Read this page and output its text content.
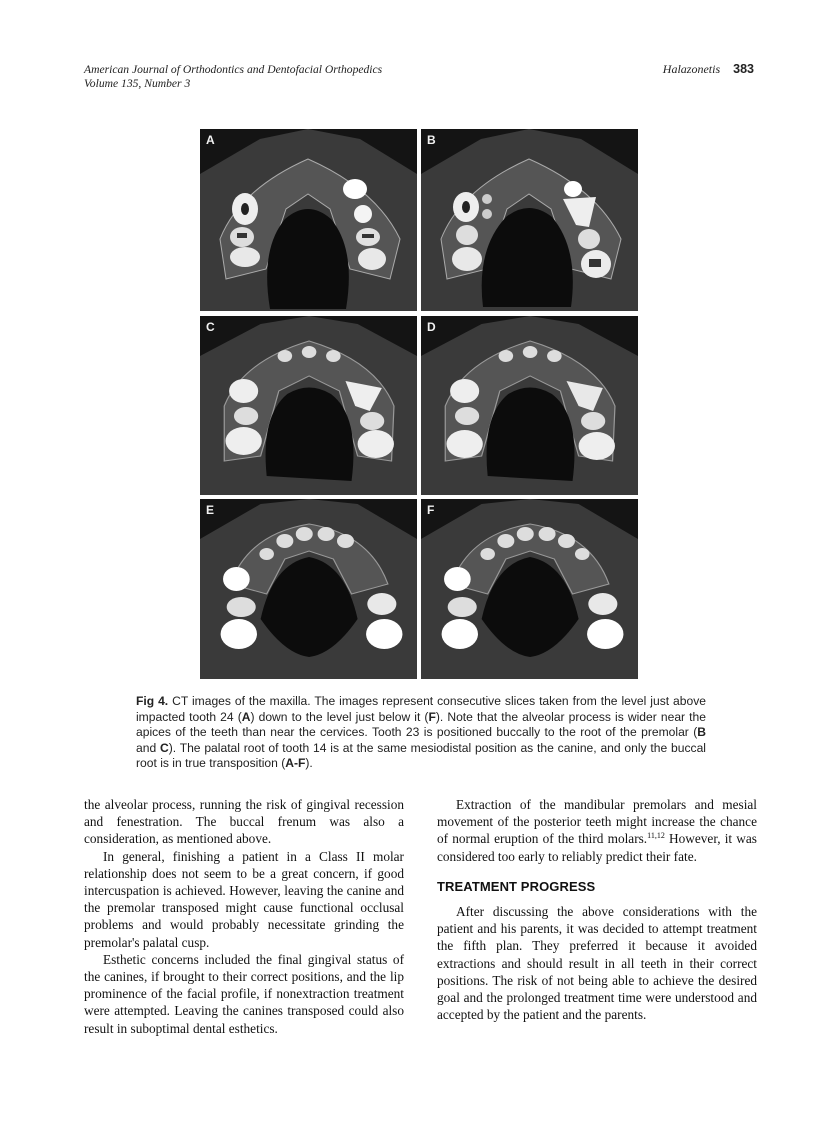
American Journal of Orthodontics and Dentofacial Orthopedics
Volume 135, Number 3
Halazonetis 383
A	B
C	D
E	F
Fig 4. CT images of the maxilla. The images represent consecutive slices taken from the level just above impacted tooth 24 (A) down to the level just below it (F). Note that the alveolar process is wider near the apices of the teeth than near the cervices. Tooth 23 is positioned buccally to the root of the premolar (B and C). The palatal root of tooth 14 is at the same mesiodistal position as the canine, and only the buccal root is in true transposition (A-F).

the alveolar process, running the risk of gingival recession and fenestration. The buccal frenum was also a consideration, as mentioned above.

In general, finishing a patient in a Class II molar relationship does not seem to be a great concern, if good intercuspation is achieved. However, leaving the canine and the premolar transposed might cause functional occlusal problems and would probably necessitate grinding the premolar's palatal cusp.

Esthetic concerns included the final gingival status of the canines, if brought to their correct positions, and the lip prominence of the facial profile, if nonextraction treatment were attempted. Leaving the canines transposed could also result in suboptimal dental esthetics.

Extraction of the mandibular premolars and mesial movement of the posterior teeth might increase the chance of normal eruption of the third molars.$^{11,12}$ However, it was considered too early to reliably predict their fate.

TREATMENT PROGRESS

After discussing the above considerations with the patient and his parents, it was decided to attempt treatment the fifth plan. They preferred it because it avoided extractions and should result in all teeth in their correct positions. The risk of not being able to achieve the desired goal and the prolonged treatment time were understood and accepted by the patient and the parents.
